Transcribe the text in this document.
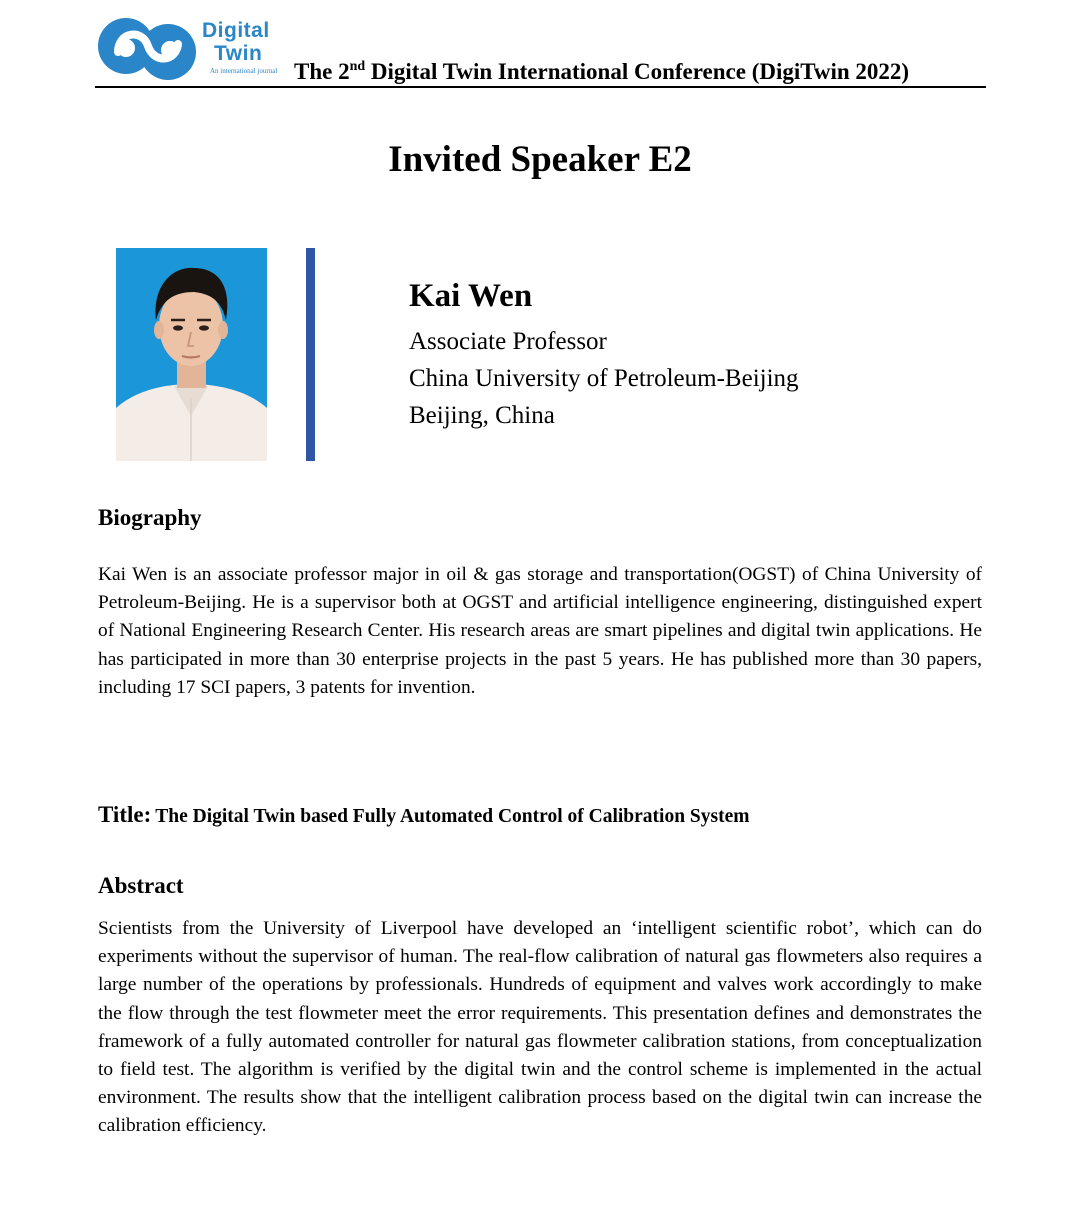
Digital
Twin
An international journal The 2nd Digital Twin International Conference (DigiTwin 2022)
Invited Speaker E2
Kai Wen
Associate Professor
China University of Petroleum-Beijing
Beijing, China
Biography
Kai Wen is an associate professor major in oil & gas storage and transportation(OGST) of China University of Petroleum-Beijing. He is a supervisor both at OGST and artificial intelligence engineering, distinguished expert of National Engineering Research Center. His research areas are smart pipelines and digital twin applications. He has participated in more than 30 enterprise projects in the past 5 years. He has published more than 30 papers, including 17 SCI papers, 3 patents for invention.
Title: The Digital Twin based Fully Automated Control of Calibration System
Abstract
Scientists from the University of Liverpool have developed an ‘intelligent scientific robot’, which can do experiments without the supervisor of human. The real-flow calibration of natural gas flowmeters also requires a large number of the operations by professionals. Hundreds of equipment and valves work accordingly to make the flow through the test flowmeter meet the error requirements. This presentation defines and demonstrates the framework of a fully automated controller for natural gas flowmeter calibration stations, from conceptualization to field test. The algorithm is verified by the digital twin and the control scheme is implemented in the actual environment. The results show that the intelligent calibration process based on the digital twin can increase the calibration efficiency.
